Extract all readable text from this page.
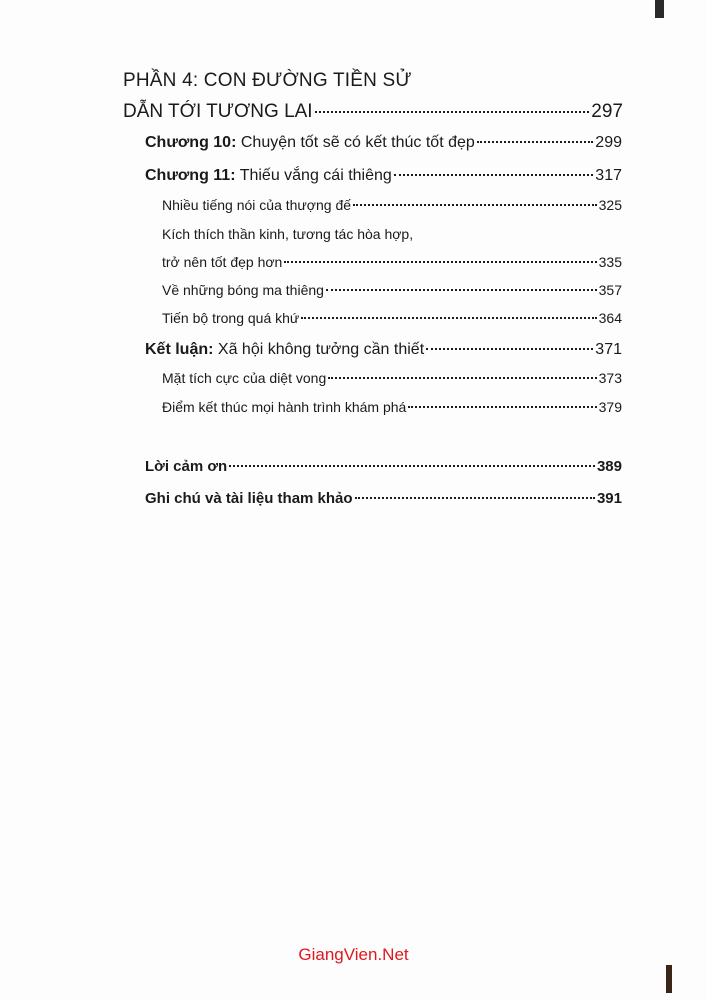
PHẦN 4: CON ĐƯỜNG TIỀN SỬ
DẪN TỚI TƯƠNG LAI	297
Chương 10: Chuyện tốt sẽ có kết thúc tốt đẹp	299
Chương 11: Thiếu vắng cái thiêng	317
Nhiều tiếng nói của thượng đế	325
Kích thích thần kinh, tương tác hòa hợp,
trở nên tốt đẹp hơn	335
Về những bóng ma thiêng	357
Tiến bộ trong quá khứ	364
Kết luận: Xã hội không tưởng cần thiết	371
Mặt tích cực của diệt vong	373
Điểm kết thúc mọi hành trình khám phá	379
Lời cảm ơn	389
Ghi chú và tài liệu tham khảo	391
GiangVien.Net
